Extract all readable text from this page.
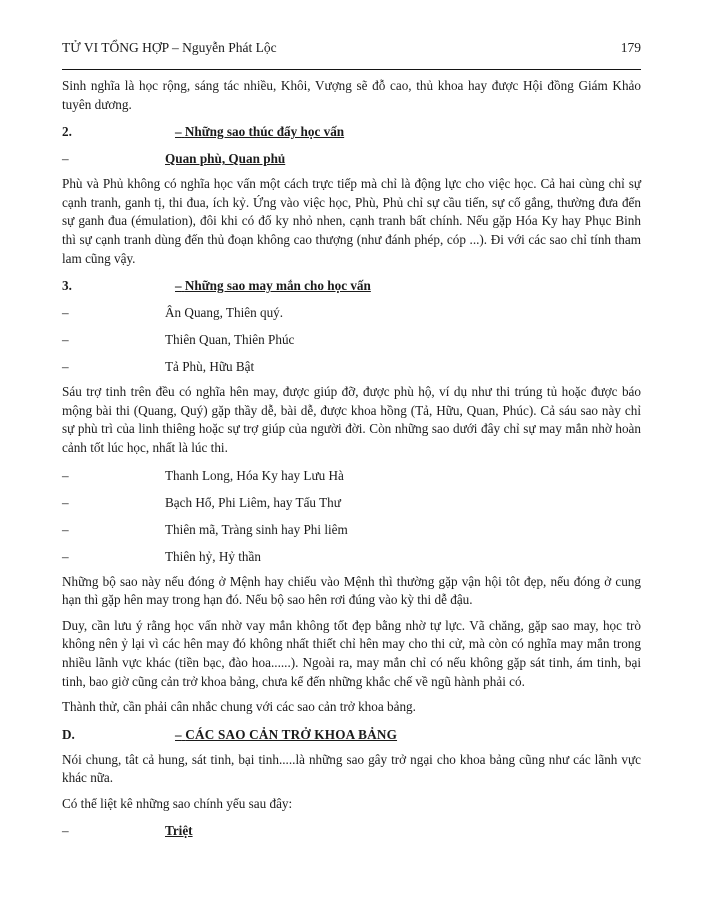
TỬ VI TỔNG HỢP – Nguyễn Phát Lộc	179

Sinh nghĩa là học rộng, sáng tác nhiều, Khôi, Vượng sẽ đỗ cao, thủ khoa hay được Hội đồng Giám Khảo tuyên dương.

2.	– Những sao thúc đẩy học vấn
–	Quan phù, Quan phủ

Phù và Phủ không có nghĩa học vấn một cách trực tiếp mà chỉ là động lực cho việc học. Cả hai cùng chỉ sự cạnh tranh, ganh tị, thi đua, ích kỷ. Ứng vào việc học, Phù, Phủ chỉ sự cầu tiến, sự cố gắng, thường đưa đến sự ganh đua (émulation), đôi khi có đố ky nhỏ nhen, cạnh tranh bất chính. Nếu gặp Hóa Ky hay Phục Binh thì sự cạnh tranh dùng đến thủ đoạn không cao thượng (như đánh phép, cóp ...). Đi với các sao chỉ tính tham lam cũng vậy.

3.	– Những sao may mắn cho học vấn
–	Ân Quang, Thiên quý.
–	Thiên Quan, Thiên Phúc
–	Tả Phù, Hữu Bật

Sáu trợ tinh trên đều có nghĩa hên may, được giúp đỡ, được phù hộ, ví dụ như thi trúng tủ hoặc được báo mộng bài thi (Quang, Quý) gặp thầy dễ, bài dễ, được khoa hồng (Tả, Hữu, Quan, Phúc). Cả sáu sao này chỉ sự phù trì của linh thiêng hoặc sự trợ giúp của người đời. Còn những sao dưới đây chỉ sự may mắn nhờ hoàn cảnh tốt lúc học, nhất là lúc thi.

–	Thanh Long, Hóa Ky hay Lưu Hà
–	Bạch Hổ, Phi Liêm, hay Tấu Thư
–	Thiên mã, Tràng sinh hay Phi liêm
–	Thiên hỷ, Hỷ thần

Những bộ sao này nếu đóng ở Mệnh hay chiếu vào Mệnh thì thường gặp vận hội tôt đẹp, nếu đóng ở cung hạn thì gặp hên may trong hạn đó. Nếu bộ sao hên rơi đúng vào kỳ thi dễ đậu.

Duy, cần lưu ý rằng học vấn nhờ vay mắn không tốt đẹp bằng nhờ tự lực. Vã chăng, gặp sao may, học trò không nên ỷ lại vì các hên may đó không nhất thiết chỉ hên may cho thi cử, mà còn có nghĩa may mắn trong nhiều lãnh vực khác (tiền bạc, đào hoa......). Ngoài ra, may mắn chỉ có nếu không gặp sát tinh, ám tinh, bại tinh, bao giờ cũng cản trở khoa bảng, chưa kể đến những khắc chế về ngũ hành phải có.

Thành thử, cần phải cân nhắc chung với các sao cản trở khoa bảng.

D.	– CÁC SAO CẢN TRỞ KHOA BẢNG

Nói chung, tât cả hung, sát tinh, bại tinh.....là những sao gây trở ngại cho khoa bảng cũng như các lãnh vực khác nữa.

Có thể liệt kê những sao chính yếu sau đây:

–	Triệt
